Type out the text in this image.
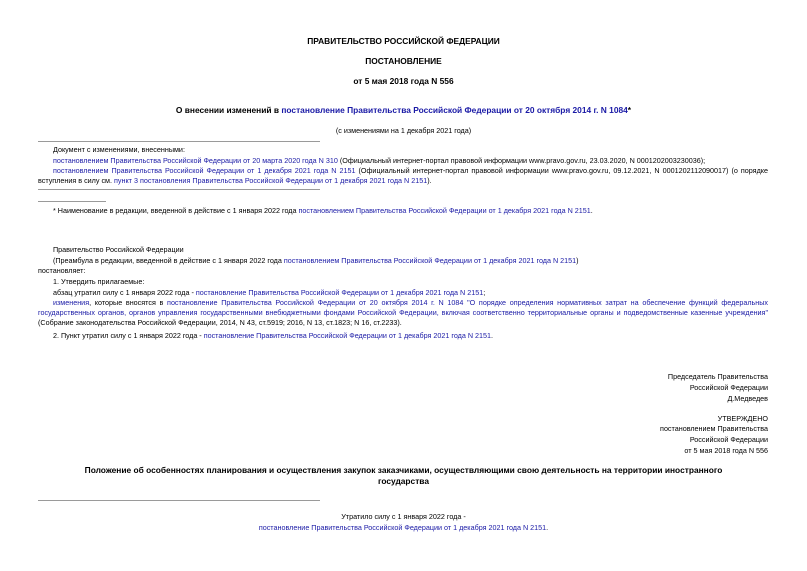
ПРАВИТЕЛЬСТВО РОССИЙСКОЙ ФЕДЕРАЦИИ

ПОСТАНОВЛЕНИЕ

от 5 мая 2018 года N 556

О внесении изменений в постановление Правительства Российской Федерации от 20 октября 2014 г. N 1084*

(с изменениями на 1 декабря 2021 года)

Документ с изменениями, внесенными:

постановлением Правительства Российской Федерации от 20 марта 2020 года N 310 (Официальный интернет-портал правовой информации www.pravo.gov.ru, 23.03.2020, N 0001202003230036);

постановлением Правительства Российской Федерации от 1 декабря 2021 года N 2151 (Официальный интернет-портал правовой информации www.pravo.gov.ru, 09.12.2021, N 0001202112090017) (о порядке вступления в силу см. пункт 3 постановления Правительства Российской Федерации от 1 декабря 2021 года N 2151).

* Наименование в редакции, введенной в действие с 1 января 2022 года постановлением Правительства Российской Федерации от 1 декабря 2021 года N 2151.

Правительство Российской Федерации

(Преамбула в редакции, введенной в действие с 1 января 2022 года постановлением Правительства Российской Федерации от 1 декабря 2021 года N 2151)

постановляет:

1. Утвердить прилагаемые:

абзац утратил силу с 1 января 2022 года - постановление Правительства Российской Федерации от 1 декабря 2021 года N 2151;

изменения, которые вносятся в постановление Правительства Российской Федерации от 20 октября 2014 г. N 1084 "О порядке определения нормативных затрат на обеспечение функций федеральных государственных органов, органов управления государственными внебюджетными фондами Российской Федерации, включая соответственно территориальные органы и подведомственные казенные учреждения" (Собрание законодательства Российской Федерации, 2014, N 43, ст.5919; 2016, N 13, ст.1823; N 16, ст.2233).

2. Пункт утратил силу с 1 января 2022 года - постановление Правительства Российской Федерации от 1 декабря 2021 года N 2151.

Председатель Правительства

Российской Федерации

Д.Медведев

УТВЕРЖДЕНО

постановлением Правительства

Российской Федерации

от 5 мая 2018 года N 556

Положение об особенностях планирования и осуществления закупок заказчиками, осуществляющими свою деятельность на территории иностранного государства

Утратило силу с 1 января 2022 года -

постановление Правительства Российской Федерации от 1 декабря 2021 года N 2151.
